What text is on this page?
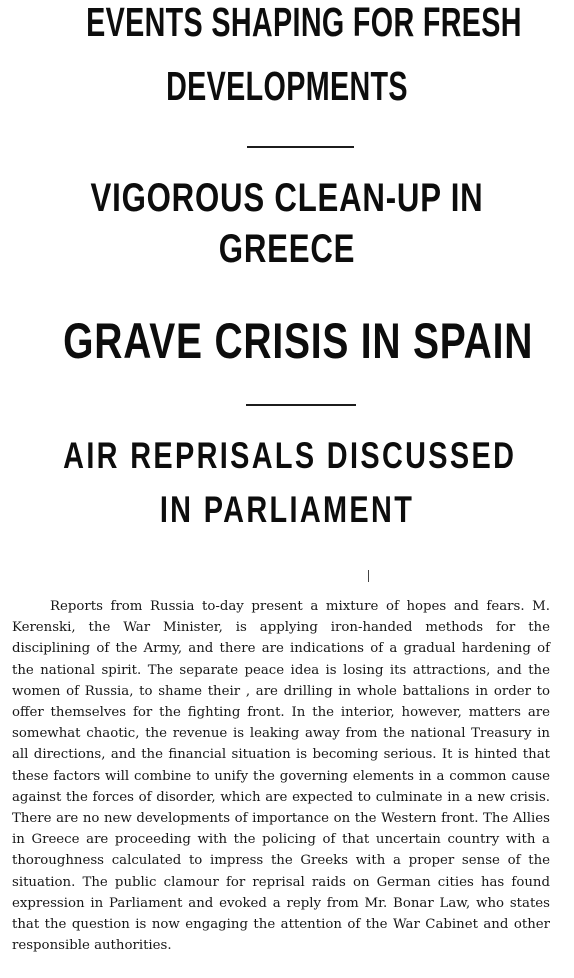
EVENTS SHAPING FOR FRESH
DEVELOPMENTS
VIGOROUS CLEAN-UP IN
GREECE
GRAVE CRISIS IN SPAIN
AIR REPRISALS DISCUSSED
IN PARLIAMENT

Reports from Russia to-day present a mixture of hopes and fears. M. Kerenski, the War Minister, is applying iron-handed methods for the disciplining of the Army, and there are indications of a gradual hardening of the national spirit. The separate peace idea is losing its attractions, and the women of Russia, to shame their , are drilling in whole battalions in order to offer themselves for the fighting front. In the interior, however, matters are somewhat chaotic, the revenue is leaking away from the national Treasury in all directions, and the financial situation is becoming serious. It is hinted that these factors will combine to unify the governing elements in a common cause against the forces of disorder, which are expected to culminate in a new crisis. There are no new developments of importance on the Western front. The Allies in Greece are proceeding with the policing of that uncertain country with a thoroughness calculated to impress the Greeks with a proper sense of the situation. The public clamour for reprisal raids on German cities has found expression in Parliament and evoked a reply from Mr. Bonar Law, who states that the question is now engaging the attention of the War Cabinet and other responsible authorities.
